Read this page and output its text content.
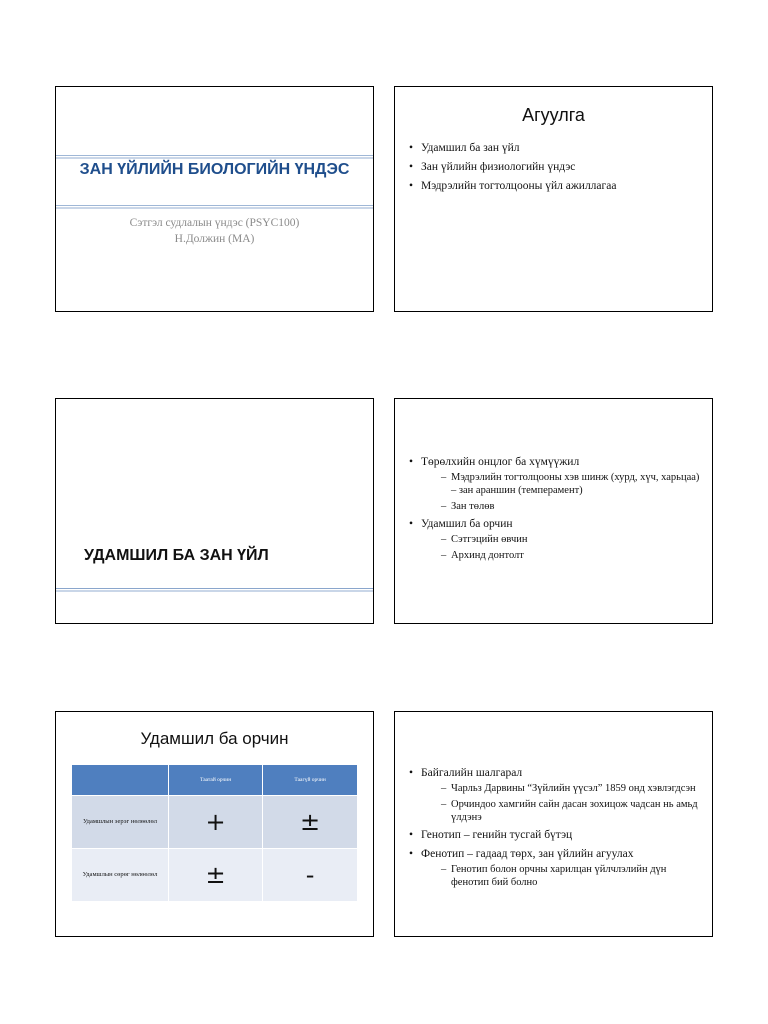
ЗАН ҮЙЛИЙН БИОЛОГИЙН ҮНДЭС
Сэтгэл судлалын үндэс (PSYC100)
Н.Должин (MA)
Агуулга
• Удамшил ба зан үйл
• Зан үйлийн физиологийн үндэс
• Мэдрэлийн тогтолцооны үйл ажиллагаа
УДАМШИЛ БА ЗАН ҮЙЛ
• Төрөлхийн онцлог ба хүмүүжил
– Мэдрэлийн тогтолцооны хэв шинж (хурд, хүч, харьцаа) – зан араншин (темперамент)
– Зан төлөв
• Удамшил ба орчин
– Сэтгэцийн өвчин
– Архинд донтолт
Удамшил ба орчин
	Таатай орчин	Таагүй орчин
Удамшлын эерэг нөлөөлөл	+	±
Удамшлын сөрөг нөлөөлөл	±	-
• Байгалийн шалгарал
– Чарльз Дарвины “Зүйлийн үүсэл” 1859 онд хэвлэгдсэн
– Орчиндоо хамгийн сайн дасан зохицож чадсан нь амьд үлдэнэ
• Генотип – генийн тусгай бүтэц
• Фенотип – гадаад төрх, зан үйлийн агуулах
– Генотип болон орчны харилцан үйлчлэлийн дүн фенотип бий болно
